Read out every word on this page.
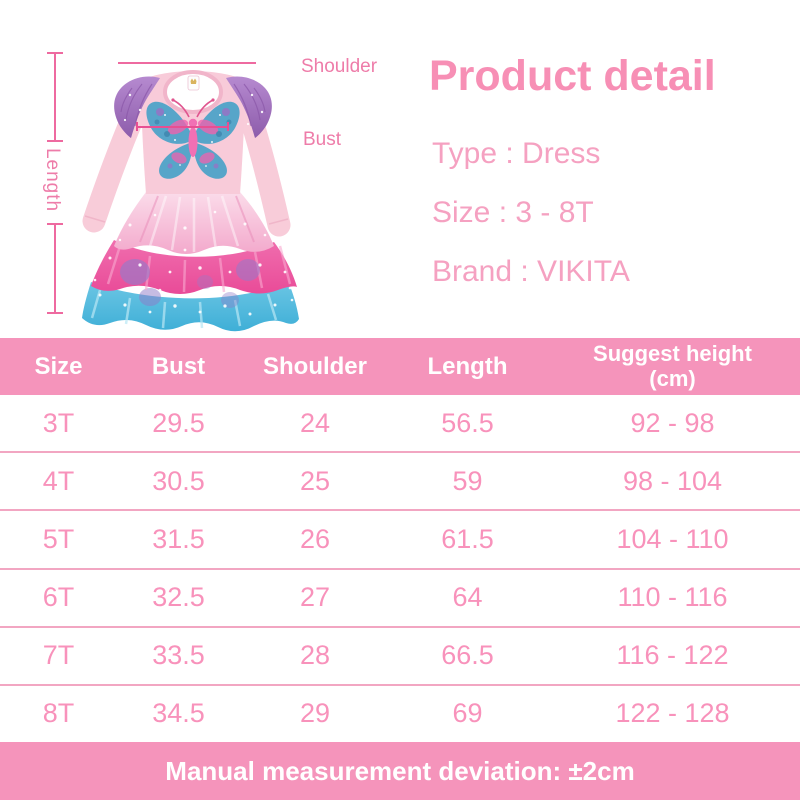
Length
Shoulder
Bust
Product detail
Type : Dress
Size : 3 - 8T
Brand : VIKITA
Size	Bust	Shoulder	Length	Suggest height
(cm)
3T	29.5	24	56.5	92 - 98
4T	30.5	25	59	98 - 104
5T	31.5	26	61.5	104 - 110
6T	32.5	27	64	110 - 116
7T	33.5	28	66.5	116 - 122
8T	34.5	29	69	122 - 128
Manual measurement deviation: ±2cm
